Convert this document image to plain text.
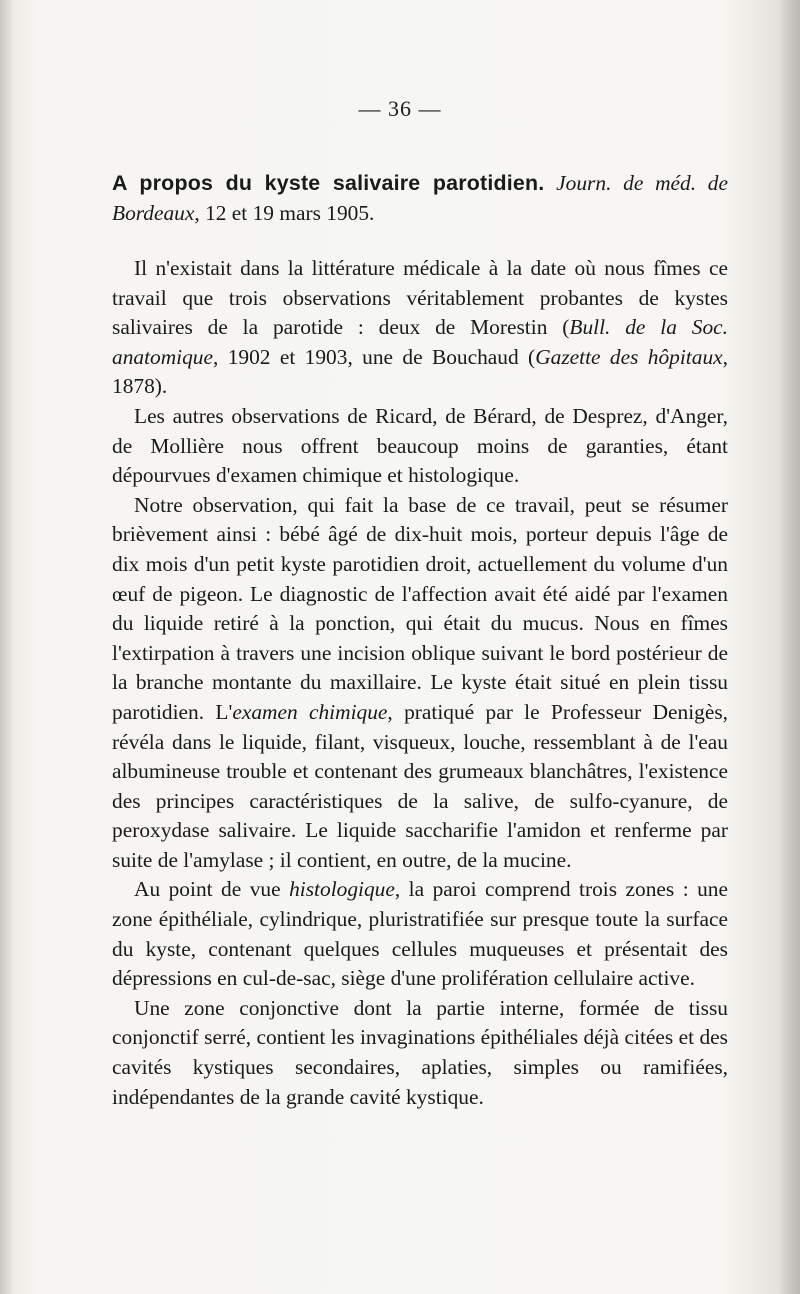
— 36 —
A propos du kyste salivaire parotidien. Journ. de méd. de Bordeaux, 12 et 19 mars 1905.

Il n'existait dans la littérature médicale à la date où nous fîmes ce travail que trois observations véritablement probantes de kystes salivaires de la parotide : deux de Morestin (Bull. de la Soc. anatomique, 1902 et 1903, une de Bouchaud (Gazette des hôpitaux, 1878).

Les autres observations de Ricard, de Bérard, de Desprez, d'Anger, de Mollière nous offrent beaucoup moins de garanties, étant dépourvues d'examen chimique et histologique.

Notre observation, qui fait la base de ce travail, peut se résumer brièvement ainsi : bébé âgé de dix-huit mois, porteur depuis l'âge de dix mois d'un petit kyste parotidien droit, actuellement du volume d'un œuf de pigeon. Le diagnostic de l'affection avait été aidé par l'examen du liquide retiré à la ponction, qui était du mucus. Nous en fîmes l'extirpation à travers une incision oblique suivant le bord postérieur de la branche montante du maxillaire. Le kyste était situé en plein tissu parotidien. L'examen chimique, pratiqué par le Professeur Denigès, révéla dans le liquide, filant, visqueux, louche, ressemblant à de l'eau albumineuse trouble et contenant des grumeaux blanchâtres, l'existence des principes caractéristiques de la salive, de sulfo-cyanure, de peroxydase salivaire. Le liquide saccharifie l'amidon et renferme par suite de l'amylase ; il contient, en outre, de la mucine.

Au point de vue histologique, la paroi comprend trois zones : une zone épithéliale, cylindrique, pluristratifiée sur presque toute la surface du kyste, contenant quelques cellules muqueuses et présentait des dépressions en cul-de-sac, siège d'une prolifération cellulaire active.

Une zone conjonctive dont la partie interne, formée de tissu conjonctif serré, contient les invaginations épithéliales déjà citées et des cavités kystiques secondaires, aplaties, simples ou ramifiées, indépendantes de la grande cavité kystique.
